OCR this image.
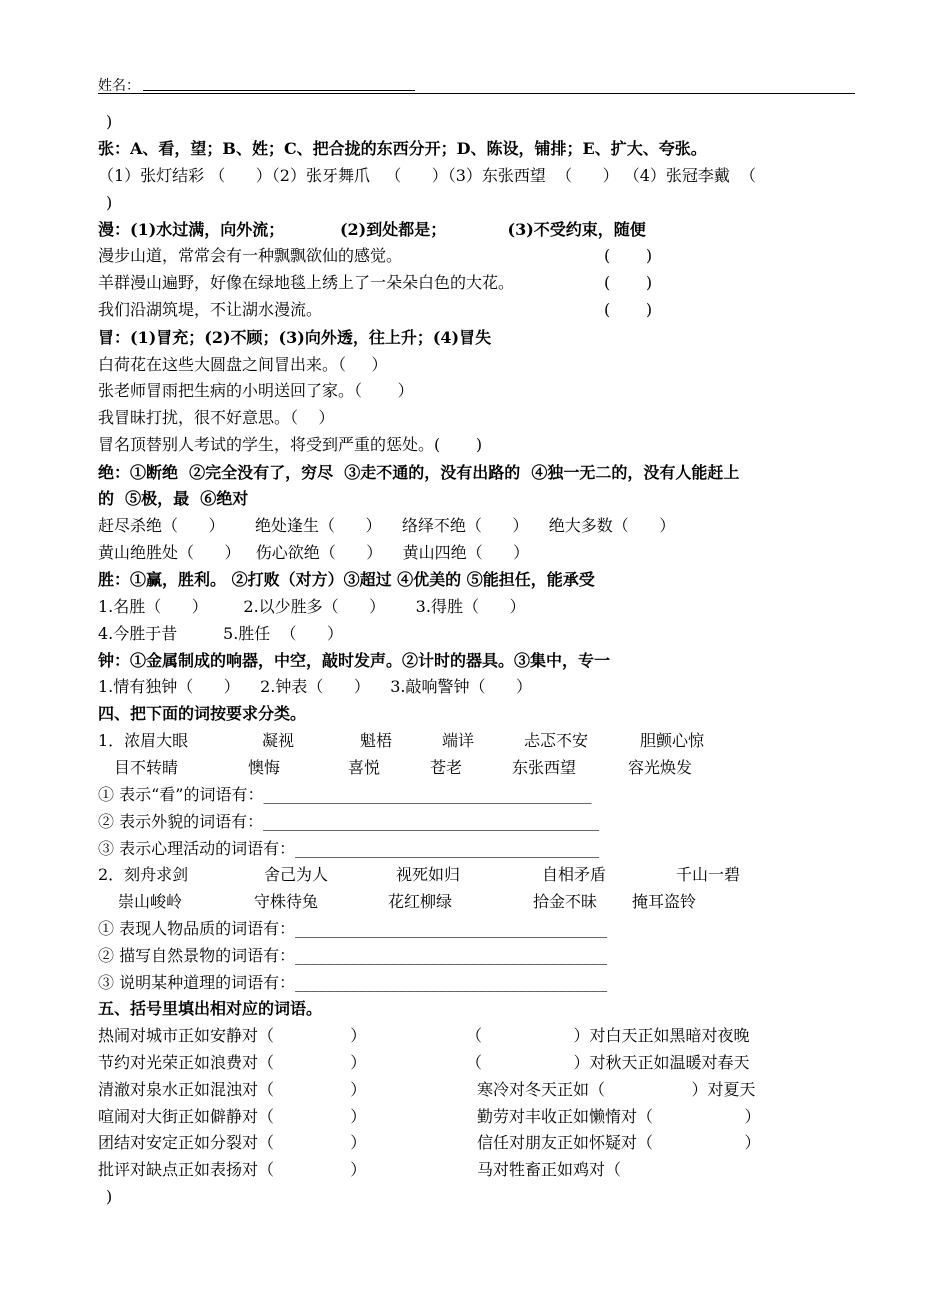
姓名：
)
张：A、看，望；B、姓；C、把合拢的东西分开；D、陈设，铺排；E、扩大、夸张。
（1）张灯结彩 （      ）（2）张牙舞爪   （      ）（3）东张西望  （      ） （4）张冠李戴  （
)
漫：(1)水过满，向外流；          (2)到处都是；           (3)不受约束，随便
漫步山道，常常会有一种飘飘欲仙的感觉。	(       )
羊群漫山遍野，好像在绿地毯上绣上了一朵朵白色的大花。	(       )
我们沿湖筑堤，不让湖水漫流。	(       )
冒：(1)冒充；(2)不顾；(3)向外透，往上升；(4)冒失
白荷花在这些大圆盘之间冒出来。（     ）
张老师冒雨把生病的小明送回了家。（       ）
我冒昧打扰，很不好意思。（    ）
冒名顶替别人考试的学生，将受到严重的惩处。(       )
绝：①断绝  ②完全没有了，穷尽  ③走不通的，没有出路的  ④独一无二的，没有人能赶上
的  ⑤极，最  ⑥绝对
赶尽杀绝（      ）      绝处逢生（      ）    络绎不绝（      ）    绝大多数（      ）
黄山绝胜处（      ）   伤心欲绝（      ）    黄山四绝（      ）
胜：①赢，胜利。 ②打败（对方）③超过 ④优美的 ⑤能担任，能承受
1.名胜（      ）       2.以少胜多（      ）      3.得胜（      ）
4.今胜于昔         5.胜任  （      ）
钟：①金属制成的响器，中空，敲时发声。②计时的器具。③集中，专一
1.情有独钟（      ）    2.钟表（      ）    3.敲响警钟（      ）
四、把下面的词按要求分类。
1．浓眉大眼	凝视	魁梧	端详	忐忑不安	胆颤心惊
目不转睛	懊悔	喜悦	苍老	东张西望	容光焕发
① 表示“看”的词语有：_________________________________________
② 表示外貌的词语有：__________________________________________
③ 表示心理活动的词语有：______________________________________
2．刻舟求剑	舍己为人	视死如归	自相矛盾	千山一碧
崇山峻岭	守株待兔	花红柳绿	拾金不昧 掩耳盗铃
① 表现人物品质的词语有：_______________________________________
② 描写自然景物的词语有：_______________________________________
③ 说明某种道理的词语有：_______________________________________
五、括号里填出相对应的词语。
热闹对城市正如安静对（               ）	（                  ）对白天正如黑暗对夜晚
节约对光荣正如浪费对（               ）	（                  ）对秋天正如温暖对春天
清澈对泉水正如混浊对（               ）	寒冷对冬天正如（                 ）对夏天
喧闹对大街正如僻静对（               ）	勤劳对丰收正如懒惰对（                  ）
团结对安定正如分裂对（               ）	信任对朋友正如怀疑对（                  ）
批评对缺点正如表扬对（               ）	马对牲畜正如鸡对（
)
